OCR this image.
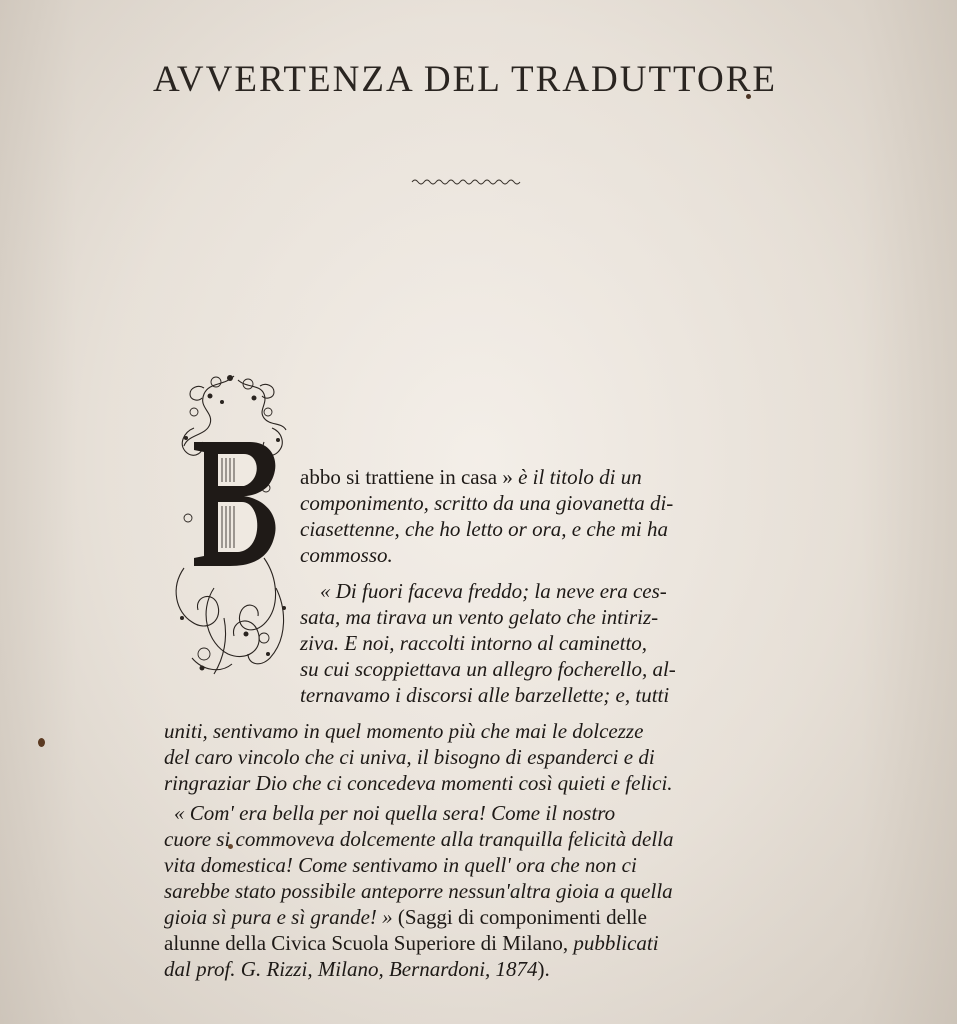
AVVERTENZA DEL TRADUTTORE
abbo si trattiene in casa » è il titolo di un
componimento, scritto da una giovanetta di-
ciasettenne, che ho letto or ora, e che mi ha
commosso.
« Di fuori faceva freddo; la neve era ces-
sata, ma tirava un vento gelato che intiriz-
ziva. E noi, raccolti intorno al caminetto,
su cui scoppiettava un allegro focherello, al-
ternavamo i discorsi alle barzellette; e, tutti
uniti, sentivamo in quel momento più che mai le dolcezze
del caro vincolo che ci univa, il bisogno di espanderci e di
ringraziar Dio che ci concedeva momenti così quieti e felici.
« Com' era bella per noi quella sera! Come il nostro
cuore si commoveva dolcemente alla tranquilla felicità della
vita domestica! Come sentivamo in quell' ora che non ci
sarebbe stato possibile anteporre nessun'altra gioia a quella
gioia sì pura e sì grande! » (Saggi di componimenti delle
alunne della Civica Scuola Superiore di Milano, pubblicati
dal prof. G. Rizzi, Milano, Bernardoni, 1874).
